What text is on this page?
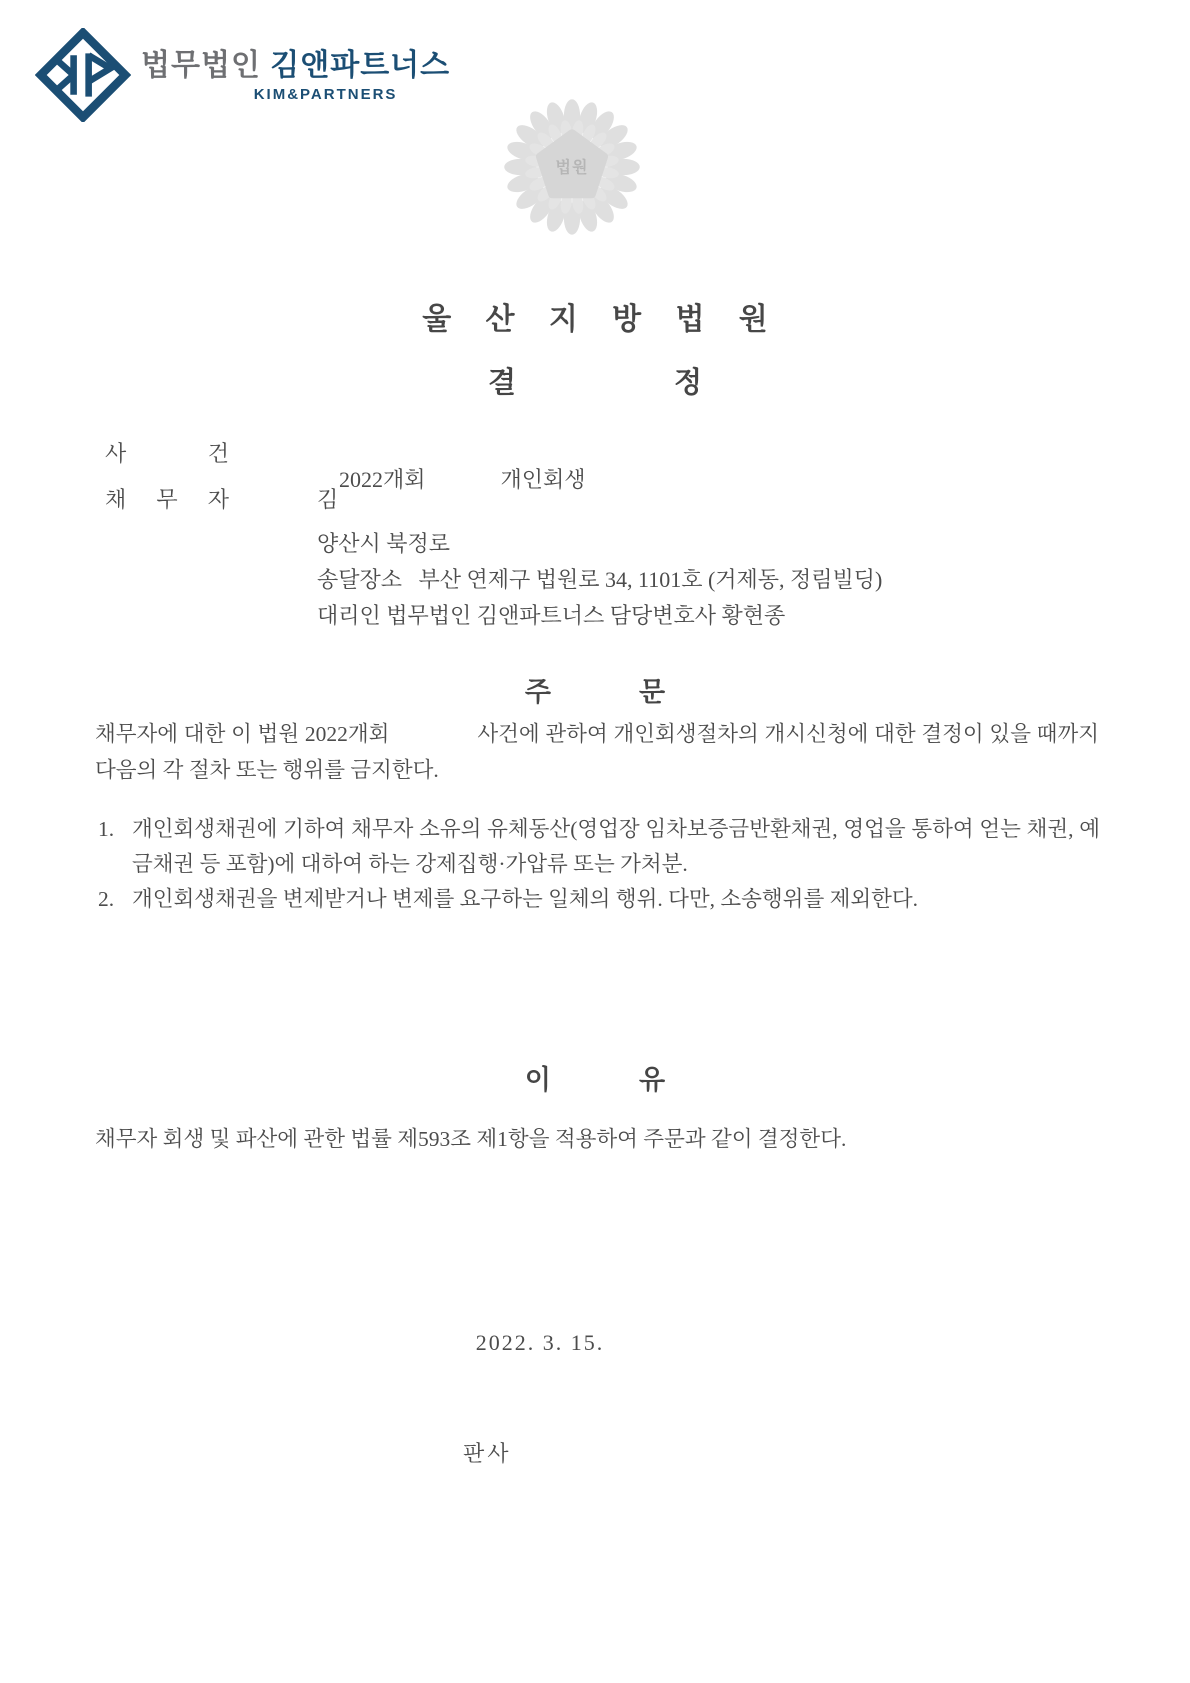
법무법인 김앤파트너스
KIM&PARTNERS
법원
울 산 지 방 법 원
결	정
사	건

2022개회	개인회생

채 무 자	김
양산시 북정로
송달장소   부산 연제구 법원로 34, 1101호 (거제동, 정림빌딩)
대리인 법무법인 김앤파트너스 담당변호사 황현종
주	문
채무자에 대한 이 법원 2022개회	사건에 관하여 개인회생절차의 개시신청에 대한 결정이 있을 때까지 다음의 각 절차 또는 행위를 금지한다.
1. 개인회생채권에 기하여 채무자 소유의 유체동산(영업장 임차보증금반환채권, 영업을 통하여 얻는 채권, 예금채권 등 포함)에 대하여 하는 강제집행·가압류 또는 가처분.
2. 개인회생채권을 변제받거나 변제를 요구하는 일체의 행위. 다만, 소송행위를 제외한다.
이	유
채무자 회생 및 파산에 관한 법률 제593조 제1항을 적용하여 주문과 같이 결정한다.
2022. 3. 15.
판사
